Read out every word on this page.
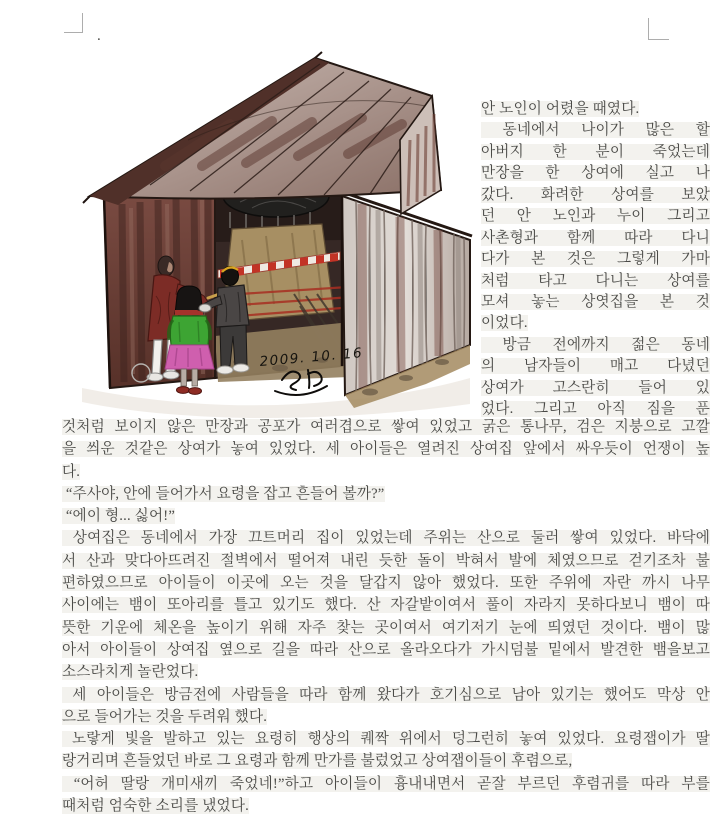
.
2009. 10. 16
안 노인이 어렸을 때였다.
동네에서 나이가 많은 할
아버지 한 분이 죽었는데
만장을 한 상여에 실고 나
갔다. 화려한 상여를 보았
던 안 노인과 누이 그리고
사촌형과 함께 따라 다니
다가 본 것은 그렇게 가마
처럼 타고 다니는 상여를
모셔 놓는 상엿집을 본 것
이었다.
방금 전에까지 젊은 동네
의 남자들이 매고 다녔던
상여가 고스란히 들어 있
었다. 그리고 아직 짐을 푼
것처럼 보이지 않은 만장과 공포가 여러겹으로 쌓여 있었고 굵은 통나무, 검은 지붕으로 고깔
을 씌운 것같은 상여가 놓여 있었다. 세 아이들은 열려진 상여집 앞에서 싸우듯이 언쟁이 높
다.
“주사야, 안에 들어가서 요령을 잡고 흔들어 볼까?”
“에이 형... 싫어!”
상여집은 동네에서 가장 끄트머리 집이 있었는데 주위는 산으로 둘러 쌓여 있었다. 바닥에
서 산과 맞다아뜨려진 절벽에서 떨어져 내린 듯한 돌이 박혀서 발에 체였으므로 걷기조차 불
편하였으므로 아이들이 이곳에 오는 것을 달갑지 않아 했었다. 또한 주위에 자란 까시 나무
사이에는 뱀이 또아리를 틀고 있기도 했다. 산 자갈밭이여서 풀이 자라지 못하다보니 뱀이 따
뜻한 기운에 체온을 높이기 위해 자주 찾는 곳이여서 여기저기 눈에 띄였던 것이다. 뱀이 많
아서 아이들이 상여집 옆으로 길을 따라 산으로 올라오다가 가시덤불 밑에서 발견한 뱀을보고
소스라치게 놀란었다.
세 아이들은 방금전에 사람들을 따라 함께 왔다가 호기심으로 남아 있기는 했어도 막상 안
으로 들어가는 것을 두려워 했다.
노랗게 빛을 발하고 있는 요령히 행상의 퀘짝 위에서 덩그런히 놓여 있었다. 요령잽이가 딸
랑거리며 흔들었던 바로 그 요령과 함께 만가를 불렀었고 상여잽이들이 후렴으로,
“어허 딸랑 개미새끼 죽었네!”하고 아이들이 흉내내면서 곧잘 부르던 후렴귀를 따라 부를
때처럼 엄숙한 소리를 냈었다.
